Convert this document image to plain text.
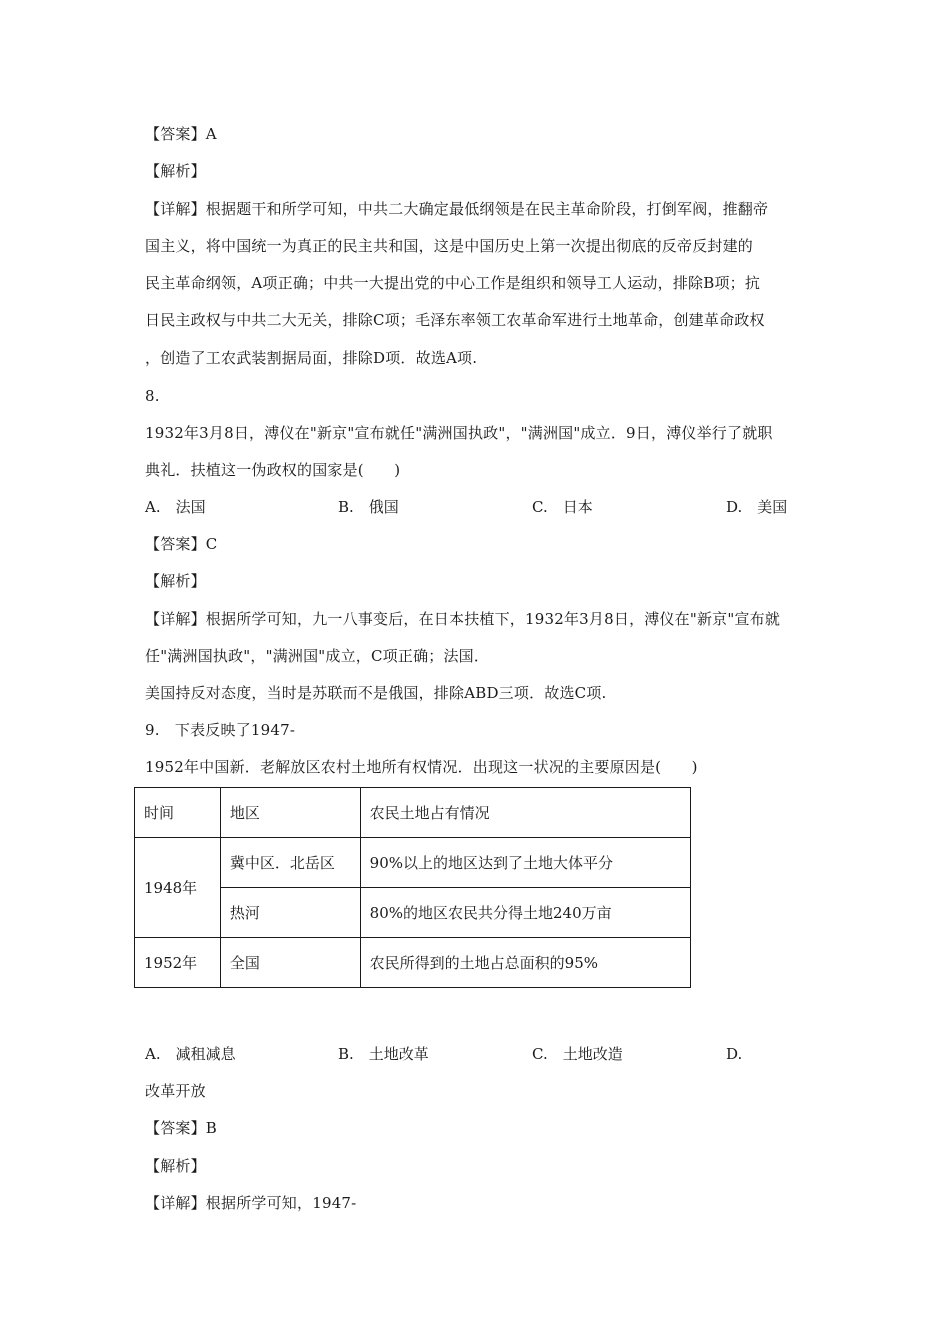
【答案】A
【解析】
【详解】根据题干和所学可知，中共二大确定最低纲领是在民主革命阶段，打倒军阀，推翻帝
国主义，将中国统一为真正的民主共和国，这是中国历史上第一次提出彻底的反帝反封建的
民主革命纲领，A项正确；中共一大提出党的中心工作是组织和领导工人运动，排除B项；抗
日民主政权与中共二大无关，排除C项；毛泽东率领工农革命军进行土地革命，创建革命政权
，创造了工农武装割据局面，排除D项．故选A项.
8.
1932年3月8日，溥仪在"新京"宣布就任"满洲国执政"，"满洲国"成立．9日，溥仪举行了就职
典礼．扶植这一伪政权的国家是(　　)
A.　法国	B.　俄国	C.　日本	D.　美国
【答案】C
【解析】
【详解】根据所学可知，九一八事变后，在日本扶植下，1932年3月8日，溥仪在"新京"宣布就
任"满洲国执政"，"满洲国"成立，C项正确；法国．
美国持反对态度，当时是苏联而不是俄国，排除ABD三项．故选C项.
9.　下表反映了1947-
1952年中国新．老解放区农村土地所有权情况．出现这一状况的主要原因是(　　)
时间	地区	农民土地占有情况
1948年	冀中区．北岳区	90%以上的地区达到了土地大体平分
	热河	80%的地区农民共分得土地240万亩
1952年	全国	农民所得到的土地占总面积的95%
A.　减租减息	B.　土地改革	C.　土地改造	D.
改革开放
【答案】B
【解析】
【详解】根据所学可知，1947-
